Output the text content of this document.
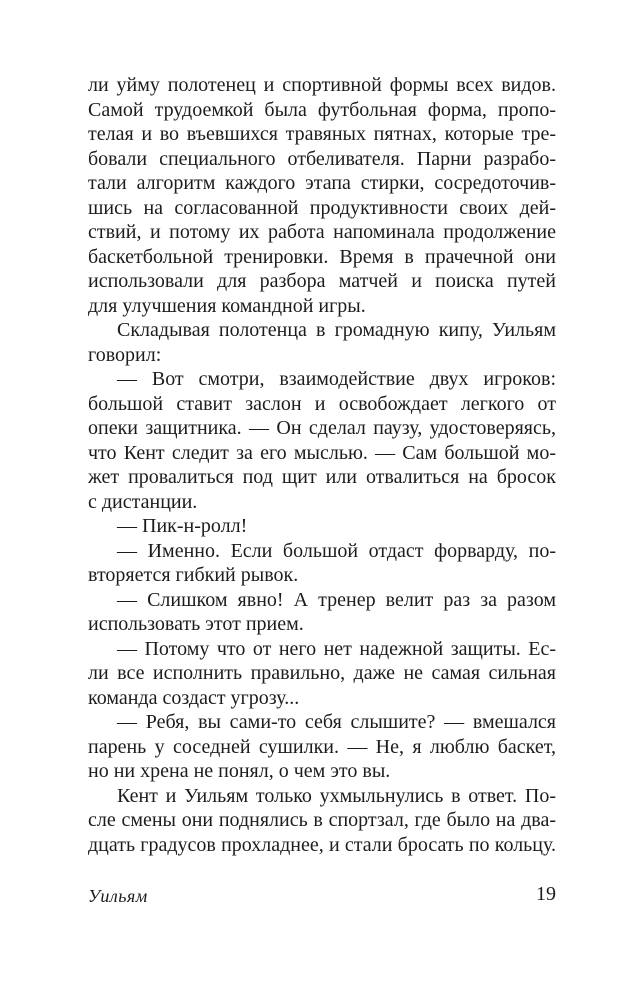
ли уйму полотенец и спортивной формы всех видов.
Самой трудоемкой была футбольная форма, пропо-
телая и во въевшихся травяных пятнах, которые тре-
бовали специального отбеливателя. Парни разрабо-
тали алгоритм каждого этапа стирки, сосредоточив-
шись на согласованной продуктивности своих дей-
ствий, и потому их работа напоминала продолжение
баскетбольной тренировки. Время в прачечной они
использовали для разбора матчей и поиска путей
для улучшения командной игры.
Складывая полотенца в громадную кипу, Уильям
говорил:
— Вот смотри, взаимодействие двух игроков:
большой ставит заслон и освобождает легкого от
опеки защитника. — Он сделал паузу, удостоверяясь,
что Кент следит за его мыслью. — Сам большой мо-
жет провалиться под щит или отвалиться на бросок
с дистанции.
— Пик-н-ролл!
— Именно. Если большой отдаст форварду, по-
вторяется гибкий рывок.
— Слишком явно! А тренер велит раз за разом
использовать этот прием.
— Потому что от него нет надежной защиты. Ес-
ли все исполнить правильно, даже не самая сильная
команда создаст угрозу...
— Ребя, вы сами-то себя слышите? — вмешался
парень у соседней сушилки. — Не, я люблю баскет,
но ни хрена не понял, о чем это вы.
Кент и Уильям только ухмыльнулись в ответ. По-
сле смены они поднялись в спортзал, где было на два-
дцать градусов прохладнее, и стали бросать по кольцу.
Уильям	19
